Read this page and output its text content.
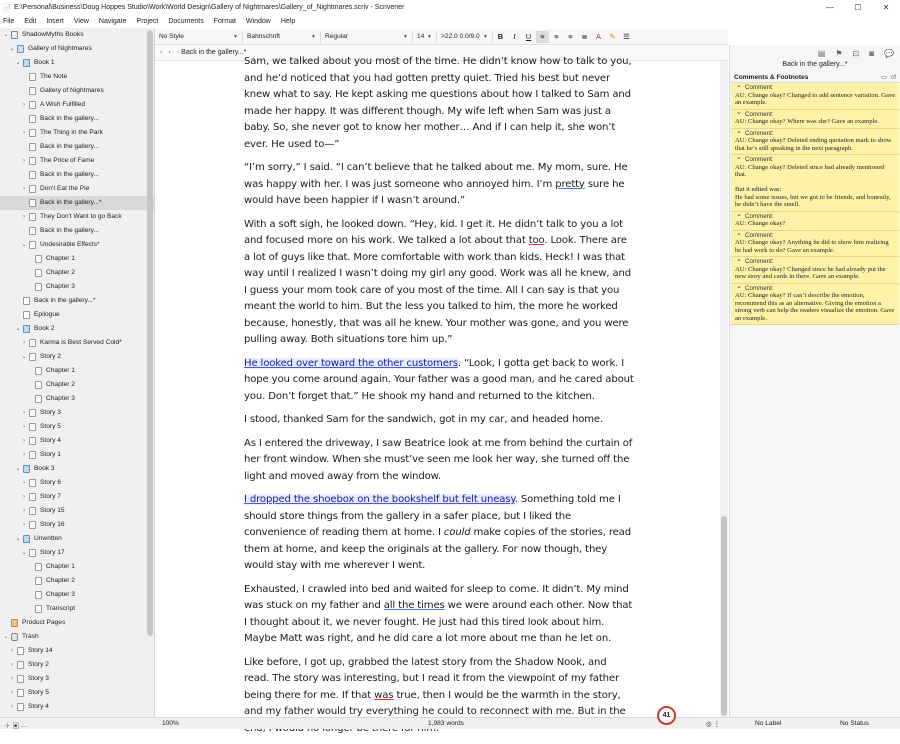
📄 E:\Personal\Business\Doug Hoppes Studio\Work\World Design\Gallery of Nightmares\Gallery_of_Nightmares.scriv - Scrivener	—	☐	✕
File Edit Insert View Navigate Project Documents Format Window Help
⌄ ShadowMyths Books
⌄ Gallery of Nightmares
⌄ Book 1
The Note
Gallery of Nightmares
›	A Wish Fulfilled
Back in the gallery...
›	The Thing in the Park
Back in the gallery...
›	The Price of Fame
Back in the gallery...
›	Don't Eat the Pie
Back in the gallery...*
›	They Don't Want to go Back
Back in the gallery...
⌄ Undesirable Effects*
Chapter 1
Chapter 2
Chapter 3
Back in the gallery...*
Epilogue
⌄ Book 2
›	Karma is Best Served Cold*
⌄ Story 2
Chapter 1
Chapter 2
Chapter 3
›	Story 3
›	Story 5
›	Story 4
›	Story 1
⌄ Book 3
›	Story 6
›	Story 7
›	Story 15
›	Story 16
⌄ Unwritten
⌄ Story 17
Chapter 1
Chapter 2
Chapter 3
Transcript
Product Pages
⌄ Trash
›	Story 14
›	Story 2
›	Story 3
›	Story 5
›	Story 4
No Style	▼ Bahnschrift	▼ Regular	▼ 14 ▼ >22.0 0.0/9.0 ▼	B	I	U	≡	≡	≡	≣	A	✎ ☰
‹ › ▫ Back in the gallery...*

Sam, we talked about you most of the time. He didn’t know how to talk to you, and he’d noticed that you had gotten pretty quiet. Tried his best but never knew what to say. He kept asking me questions about how I talked to Sam and made her happy. It was different though. My wife left when Sam was just a baby. So, she never got to know her mother… And if I can help it, she won’t ever. He used to—”

“I’m sorry,” I said. “I can’t believe that he talked about me. My mom, sure. He was happy with her. I was just someone who annoyed him. I’m pretty sure he would have been happier if I wasn’t around.”

With a soft sigh, he looked down. “Hey, kid. I get it. He didn’t talk to you a lot and focused more on his work. We talked a lot about that too. Look. There are a lot of guys like that. More comfortable with work than kids. Heck! I was that way until I realized I wasn’t doing my girl any good. Work was all he knew, and I guess your mom took care of you most of the time. All I can say is that you meant the world to him. But the less you talked to him, the more he worked because, honestly, that was all he knew. Your mother was gone, and you were pulling away. Both situations tore him up.”

He looked over toward the other customers. “Look, I gotta get back to work. I hope you come around again. Your father was a good man, and he cared about you. Don’t forget that.” He shook my hand and returned to the kitchen.

I stood, thanked Sam for the sandwich, got in my car, and headed home.

As I entered the driveway, I saw Beatrice look at me from behind the curtain of her front window. When she must’ve seen me look her way, she turned off the light and moved away from the window.

I dropped the shoebox on the bookshelf but felt uneasy. Something told me I should store things from the gallery in a safer place, but I liked the convenience of reading them at home. I could make copies of the stories, read them at home, and keep the originals at the gallery. For now though, they would stay with me wherever I went.

Exhausted, I crawled into bed and waited for sleep to come. It didn’t. My mind was stuck on my father and all the times we were around each other. Now that I thought about it, we never fought. He just had this tired look about him. Maybe Matt was right, and he did care a lot more about me than he let on.

Like before, I got up, grabbed the latest story from the Shadow Nook, and read. The story was interesting, but I read it from the viewpoint of my father being there for me. If that was true, then I would be the warmth in the story, and my father would try everything he could to reconnect with me. But in the

▤ ⚑ ⊡ ◙ 💬
Back in the gallery...*
Comments & Footnotes	▭ ⁣ cf
⌄ Comment:
AU: Change okay? Changed to add sentence variation. Gave an example.
⌄ Comment:
AU: Change okay? Where was she? Gave an example.
⌄ Comment:
AU: Change okay? Deleted ending quotation mark to show that he’s still speaking in the next paragraph.
⌄ Comment:
AU: Change okay? Deleted since had already mentioned that.

But it edited was:
He had some issues, but we got to be friends, and honestly, he didn’t have the smell.
⌄ Comment:
AU: Change okay?
⌄ Comment:
AU: Change okay? Anything he did to show him realizing he had work to do? Gave an example.
⌄ Comment:
AU: Change okay? Changed since he had already put the new story and cards in there. Gave an example.
⌄ Comment:
AU: Change okay? If can’t describe the emotion, recommend this as an alternative. Giving the emotion a strong verb can help the readers visualize the emotion. Gave an example.
＋ ▣ ···	100%	1,983 words	◎ ⋮	No Label	No Status
41
